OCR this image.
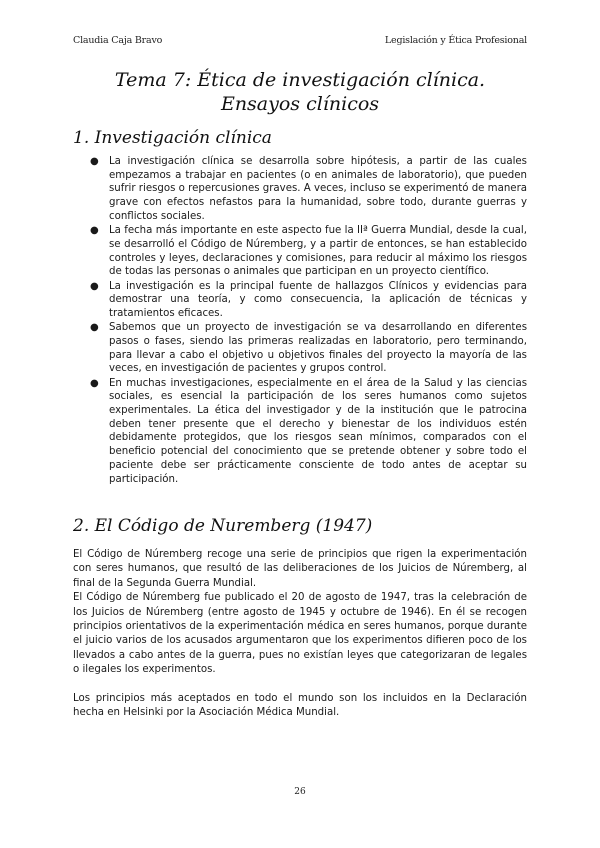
Claudia Caja Bravo	Legislación y Ética Profesional
Tema 7: Ética de investigación clínica. Ensayos clínicos
1. Investigación clínica
● La investigación clínica se desarrolla sobre hipótesis, a partir de las cuales empezamos a trabajar en pacientes (o en animales de laboratorio), que pueden sufrir riesgos o repercusiones graves. A veces, incluso se experimentó de manera grave con efectos nefastos para la humanidad, sobre todo, durante guerras y conflictos sociales.
● La fecha más importante en este aspecto fue la IIª Guerra Mundial, desde la cual, se desarrolló el Código de Núremberg, y a partir de entonces, se han establecido controles y leyes, declaraciones y comisiones, para reducir al máximo los riesgos de todas las personas o animales que participan en un proyecto científico.
● La investigación es la principal fuente de hallazgos Clínicos y evidencias para demostrar una teoría, y como consecuencia, la aplicación de técnicas y tratamientos eficaces.
● Sabemos que un proyecto de investigación se va desarrollando en diferentes pasos o fases, siendo las primeras realizadas en laboratorio, pero terminando, para llevar a cabo el objetivo u objetivos finales del proyecto la mayoría de las veces, en investigación de pacientes y grupos control.
● En muchas investigaciones, especialmente en el área de la Salud y las ciencias sociales, es esencial la participación de los seres humanos como sujetos experimentales. La ética del investigador y de la institución que le patrocina deben tener presente que el derecho y bienestar de los individuos estén debidamente protegidos, que los riesgos sean mínimos, comparados con el beneficio potencial del conocimiento que se pretende obtener y sobre todo el paciente debe ser prácticamente consciente de todo antes de aceptar su participación.
2. El Código de Nuremberg (1947)

El Código de Núremberg recoge una serie de principios que rigen la experimentación con seres humanos, que resultó de las deliberaciones de los Juicios de Núremberg, al final de la Segunda Guerra Mundial.

El Código de Núremberg fue publicado el 20 de agosto de 1947, tras la celebración de los Juicios de Núremberg (entre agosto de 1945 y octubre de 1946). En él se recogen principios orientativos de la experimentación médica en seres humanos, porque durante el juicio varios de los acusados argumentaron que los experimentos difieren poco de los llevados a cabo antes de la guerra, pues no existían leyes que categorizaran de legales o ilegales los experimentos.

Los principios más aceptados en todo el mundo son los incluidos en la Declaración hecha en Helsinki por la Asociación Médica Mundial.

26
